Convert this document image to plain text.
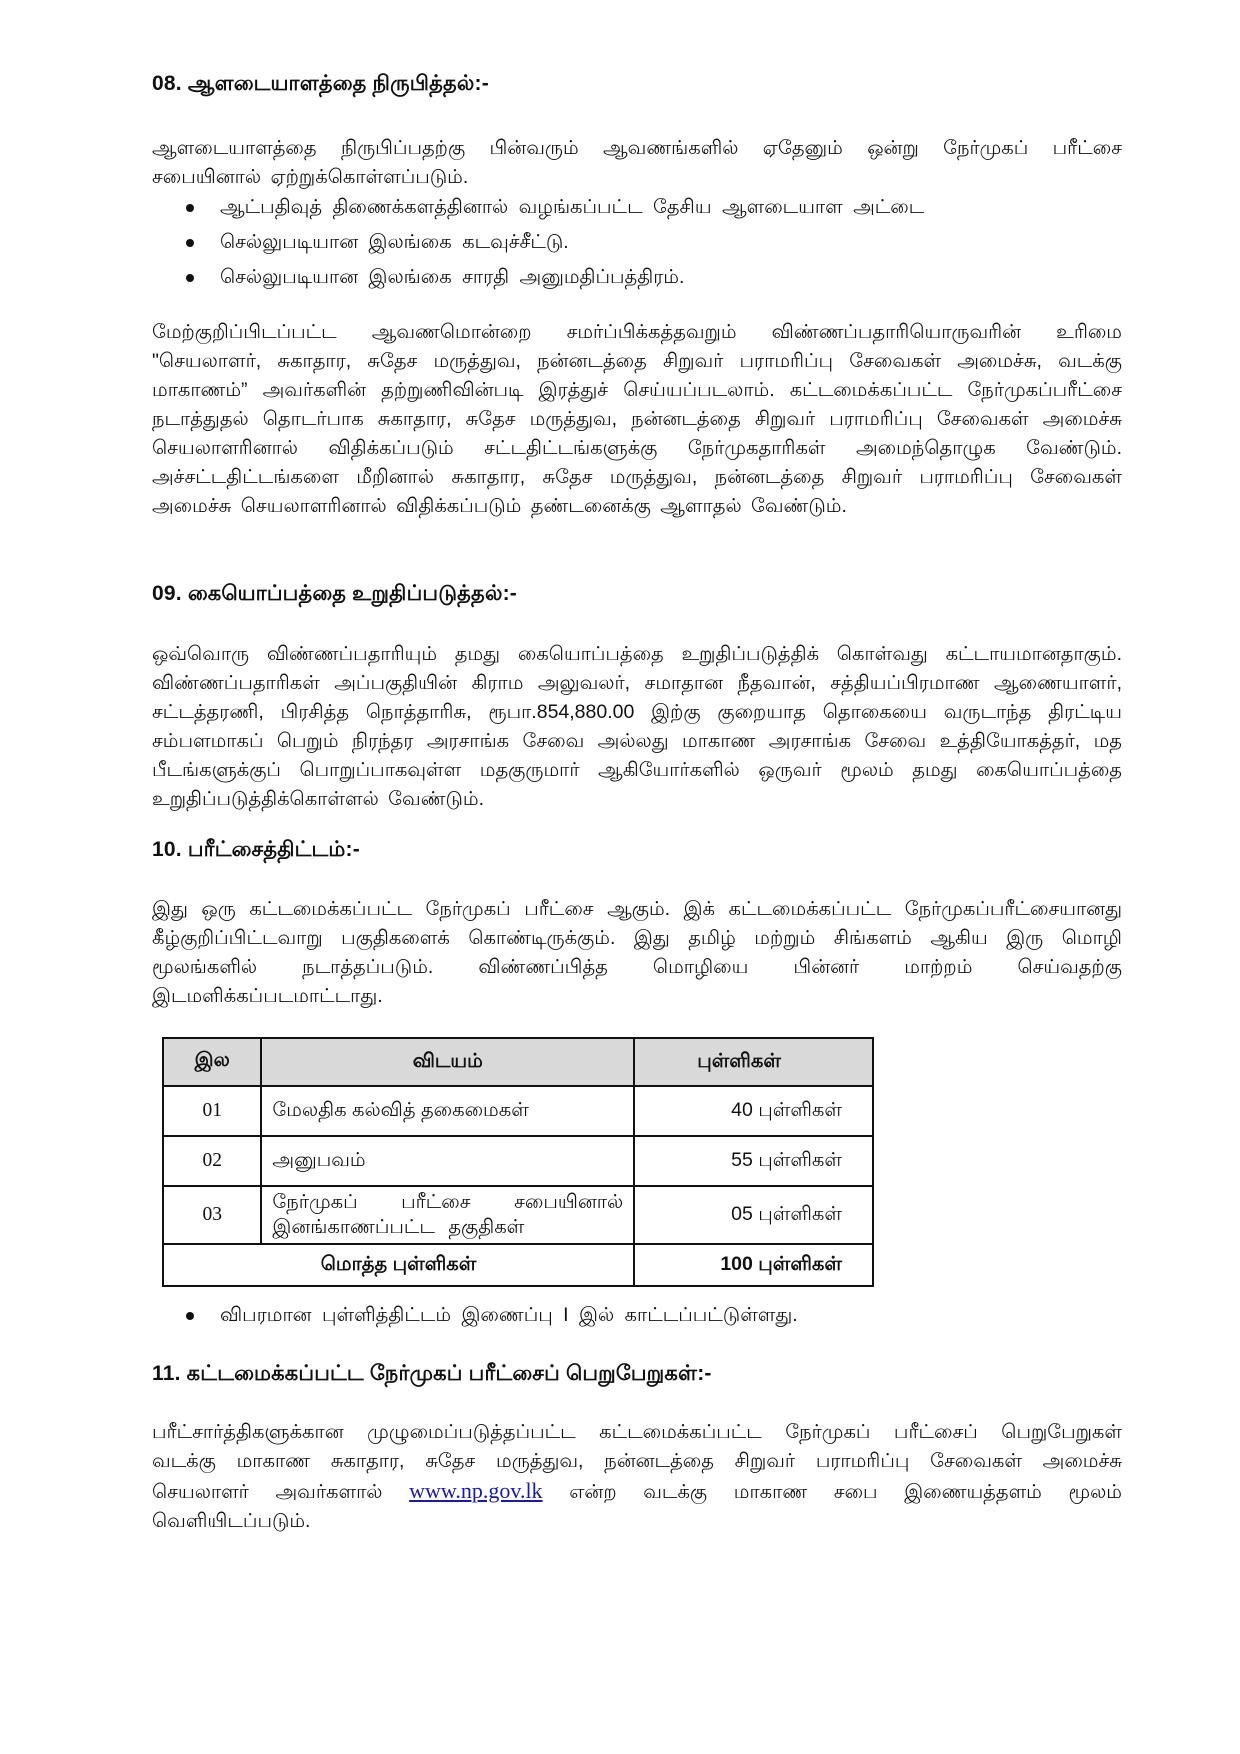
08. ஆளடையாளத்தை நிருபித்தல்:-
ஆளடையாளத்தை நிருபிப்பதற்கு பின்வரும் ஆவணங்களில் ஏதேனும் ஒன்று நேர்முகப் பரீட்சை சபையினால் ஏற்றுக்கொள்ளப்படும்.
ஆட்பதிவுத் திணைக்களத்தினால் வழங்கப்பட்ட தேசிய ஆளடையாள அட்டை
செல்லுபடியான இலங்கை கடவுச்சீட்டு.
செல்லுபடியான இலங்கை சாரதி அனுமதிப்பத்திரம்.
மேற்குறிப்பிடப்பட்ட ஆவணமொன்றை சமர்ப்பிக்கத்தவறும் விண்ணப்பதாரியொருவரின் உரிமை "செயலாளர், சுகாதார, சுதேச மருத்துவ, நன்னடத்தை சிறுவர் பராமரிப்பு சேவைகள் அமைச்சு, வடக்கு மாகாணம்” அவர்களின் தற்றுணிவின்படி இரத்துச் செய்யப்படலாம். கட்டமைக்கப்பட்ட நேர்முகப்பரீட்சை நடாத்துதல் தொடர்பாக சுகாதார, சுதேச மருத்துவ, நன்னடத்தை சிறுவர் பராமரிப்பு சேவைகள் அமைச்சு செயலாளரினால் விதிக்கப்படும் சட்டதிட்டங்களுக்கு நேர்முகதாரிகள் அமைந்தொழுக வேண்டும். அச்சட்டதிட்டங்களை மீறினால் சுகாதார, சுதேச மருத்துவ, நன்னடத்தை சிறுவர் பராமரிப்பு சேவைகள் அமைச்சு செயலாளரினால் விதிக்கப்படும் தண்டனைக்கு ஆளாதல் வேண்டும்.
09. கையொப்பத்தை உறுதிப்படுத்தல்:-
ஒவ்வொரு விண்ணப்பதாரியும் தமது கையொப்பத்தை உறுதிப்படுத்திக் கொள்வது கட்டாயமானதாகும். விண்ணப்பதாரிகள் அப்பகுதியின் கிராம அலுவலர், சமாதான நீதவான், சத்தியப்பிரமாண ஆணையாளர், சட்டத்தரணி, பிரசித்த நொத்தாரிசு, ரூபா.854,880.00 இற்கு குறையாத தொகையை வருடாந்த திரட்டிய சம்பளமாகப் பெறும் நிரந்தர அரசாங்க சேவை அல்லது மாகாண அரசாங்க சேவை உத்தியோகத்தர், மத பீடங்களுக்குப் பொறுப்பாகவுள்ள மதகுருமார் ஆகியோர்களில் ஒருவர் மூலம் தமது கையொப்பத்தை உறுதிப்படுத்திக்கொள்ளல் வேண்டும்.
10. பரீட்சைத்திட்டம்:-
இது ஒரு கட்டமைக்கப்பட்ட நேர்முகப் பரீட்சை ஆகும். இக் கட்டமைக்கப்பட்ட நேர்முகப்பரீட்சையானது கீழ்குறிப்பிட்டவாறு பகுதிகளைக் கொண்டிருக்கும். இது தமிழ் மற்றும் சிங்களம் ஆகிய இரு மொழி மூலங்களில் நடாத்தப்படும். விண்ணப்பித்த மொழியை பின்னர் மாற்றம் செய்வதற்கு இடமளிக்கப்படமாட்டாது.
இல	விடயம்	புள்ளிகள்
01	மேலதிக கல்வித் தகைமைகள்	40 புள்ளிகள்
02	அனுபவம்	55 புள்ளிகள்
03	நேர்முகப் பரீட்சை சபையினால் இனங்காணப்பட்ட தகுதிகள்	05 புள்ளிகள்
மொத்த புள்ளிகள்		100 புள்ளிகள்
விபரமான புள்ளித்திட்டம் இணைப்பு I இல் காட்டப்பட்டுள்ளது.
11. கட்டமைக்கப்பட்ட நேர்முகப் பரீட்சைப் பெறுபேறுகள்:-
பரீட்சார்த்திகளுக்கான முழுமைப்படுத்தப்பட்ட கட்டமைக்கப்பட்ட நேர்முகப் பரீட்சைப் பெறுபேறுகள் வடக்கு மாகாண சுகாதார, சுதேச மருத்துவ, நன்னடத்தை சிறுவர் பராமரிப்பு சேவைகள் அமைச்சு செயலாளர் அவர்களால் www.np.gov.lk என்ற வடக்கு மாகாண சபை இணையத்தளம் மூலம் வெளியிடப்படும்.
